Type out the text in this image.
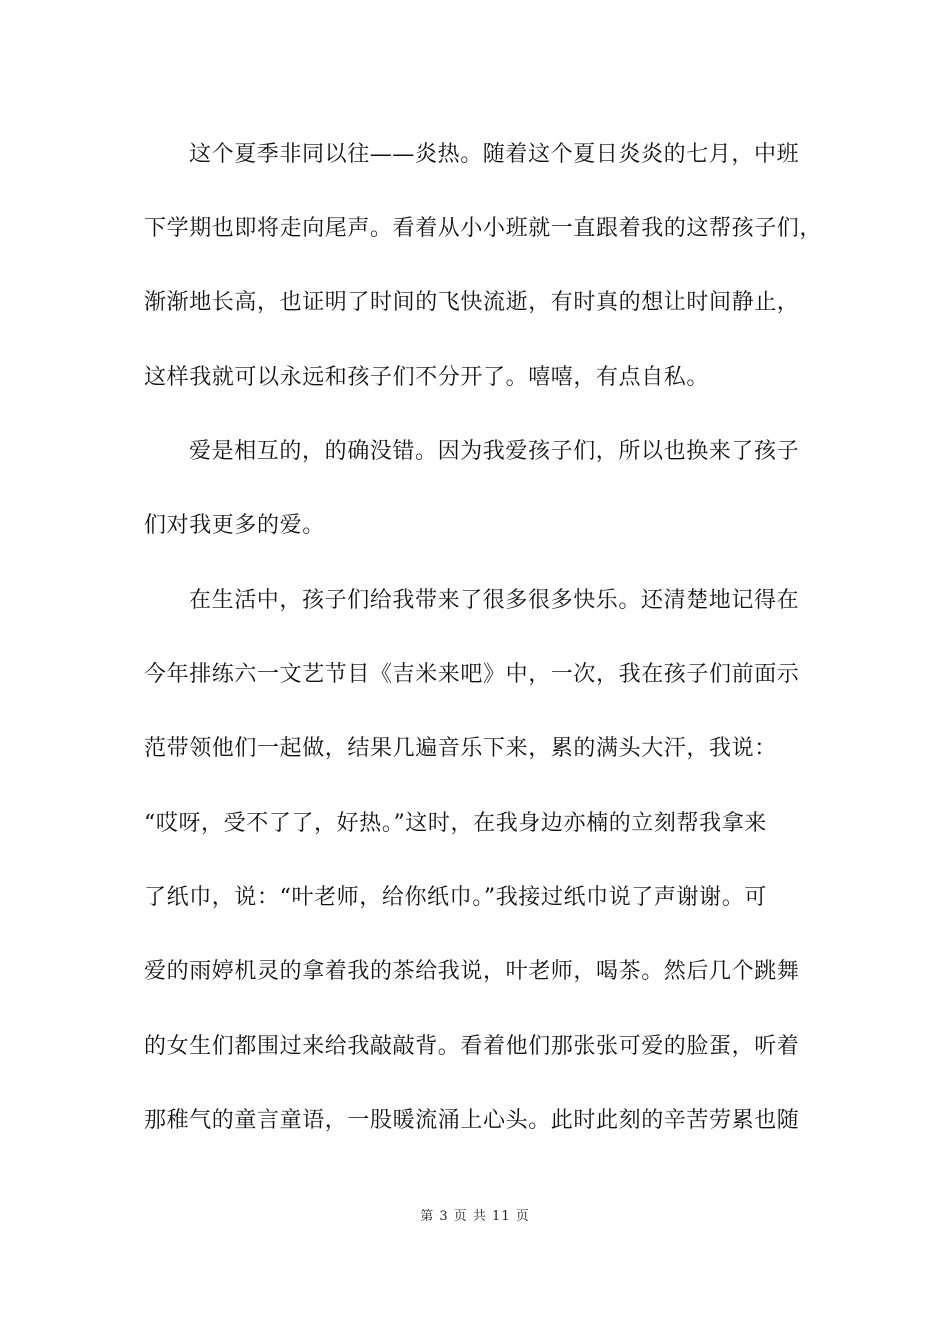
这个夏季非同以往——炎热。随着这个夏日炎炎的七月，中班
下学期也即将走向尾声。看着从小小班就一直跟着我的这帮孩子们，
渐渐地长高，也证明了时间的飞快流逝，有时真的想让时间静止，
这样我就可以永远和孩子们不分开了。嘻嘻，有点自私。
爱是相互的，的确没错。因为我爱孩子们，所以也换来了孩子
们对我更多的爱。
在生活中，孩子们给我带来了很多很多快乐。还清楚地记得在
今年排练六一文艺节目《吉米来吧》中，一次，我在孩子们前面示
范带领他们一起做，结果几遍音乐下来，累的满头大汗，我说：
“哎呀，受不了了，好热。”这时，在我身边亦楠的立刻帮我拿来
了纸巾，说：“叶老师，给你纸巾。”我接过纸巾说了声谢谢。可
爱的雨婷机灵的拿着我的茶给我说，叶老师，喝茶。然后几个跳舞
的女生们都围过来给我敲敲背。看着他们那张张可爱的脸蛋，听着
那稚气的童言童语，一股暖流涌上心头。此时此刻的辛苦劳累也随
第 3 页 共 11 页
